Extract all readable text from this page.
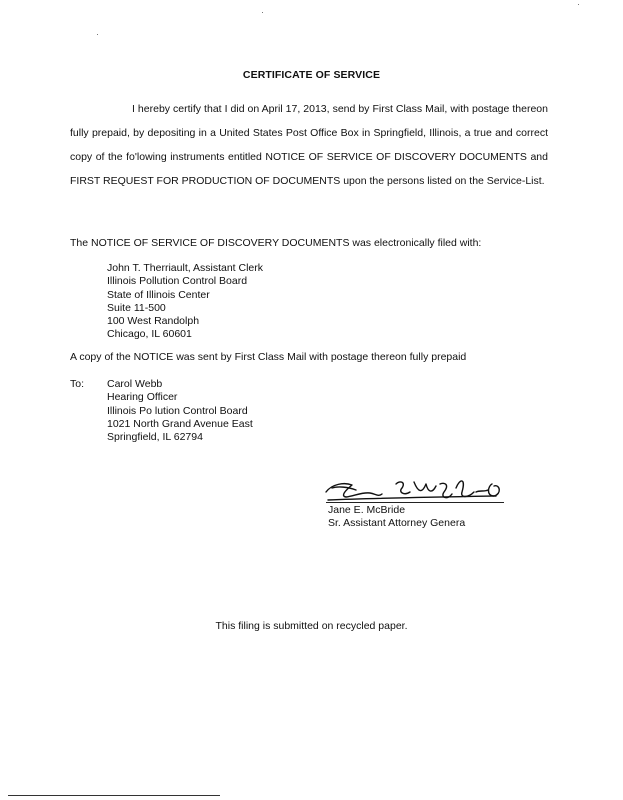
CERTIFICATE OF SERVICE
I hereby certify that I did on April 17, 2013, send by First Class Mail, with postage thereon fully prepaid, by depositing in a United States Post Office Box in Springfield, Illinois, a true and correct copy of the fo'lowing instruments entitled NOTICE OF SERVICE OF DISCOVERY DOCUMENTS and FIRST REQUEST FOR PRODUCTION OF DOCUMENTS upon the persons listed on the Service-List.
The NOTICE OF SERVICE OF DISCOVERY DOCUMENTS was electronically filed with:
John T. Therriault, Assistant Clerk
Illinois Pollution Control Board
State of Illinois Center
Suite 11-500
100 West Randolph
Chicago, IL 60601
A copy of the NOTICE was sent by First Class Mail with postage thereon fully prepaid
To: Carol Webb
Hearing Officer
Illinois Po lution Control Board
1021 North Grand Avenue East
Springfield, IL 62794
Jane E. McBride
Sr. Assistant Attorney Genera
This filing is submitted on recycled paper.
